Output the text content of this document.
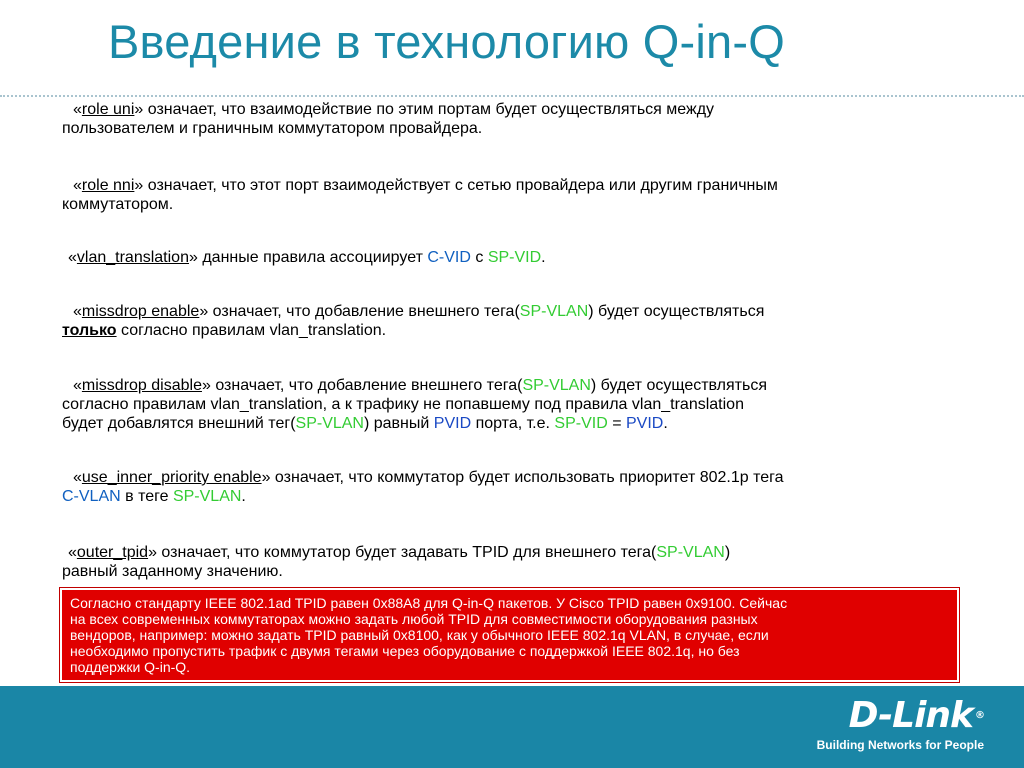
Введение в технологию Q-in-Q
«role uni» означает, что взаимодействие по этим портам будет осуществляться между
пользователем и граничным коммутатором провайдера.
«role nni» означает, что этот порт взаимодействует с сетью провайдера или другим граничным
коммутатором.
«vlan_translation» данные правила ассоциирует C-VID с SP-VID.
«missdrop enable» означает, что добавление внешнего тега(SP-VLAN) будет осуществляться
только согласно правилам vlan_translation.
«missdrop disable» означает, что добавление внешнего тега(SP-VLAN) будет осуществляться
согласно правилам vlan_translation, а к трафику не попавшему под правила vlan_translation
будет добавлятся внешний тег(SP-VLAN) равный PVID порта, т.е. SP-VID = PVID.
«use_inner_priority enable» означает, что коммутатор будет использовать приоритет 802.1p тега
C-VLAN в теге SP-VLAN.
«outer_tpid» означает, что коммутатор будет задавать TPID для внешнего тега(SP-VLAN)
равный заданному значению.
Согласно стандарту IEEE 802.1ad TPID равен 0x88A8 для Q-in-Q пакетов. У Cisco TPID равен 0x9100. Сейчас
на всех современных коммутаторах можно задать любой TPID для совместимости оборудования разных
вендоров, например: можно задать TPID равный 0x8100, как у обычного IEEE 802.1q VLAN, в случае, если
необходимо пропустить трафик с двумя тегами через оборудование с поддержкой IEEE 802.1q, но без
поддержки Q-in-Q.
D-Link ®
Building Networks for People
